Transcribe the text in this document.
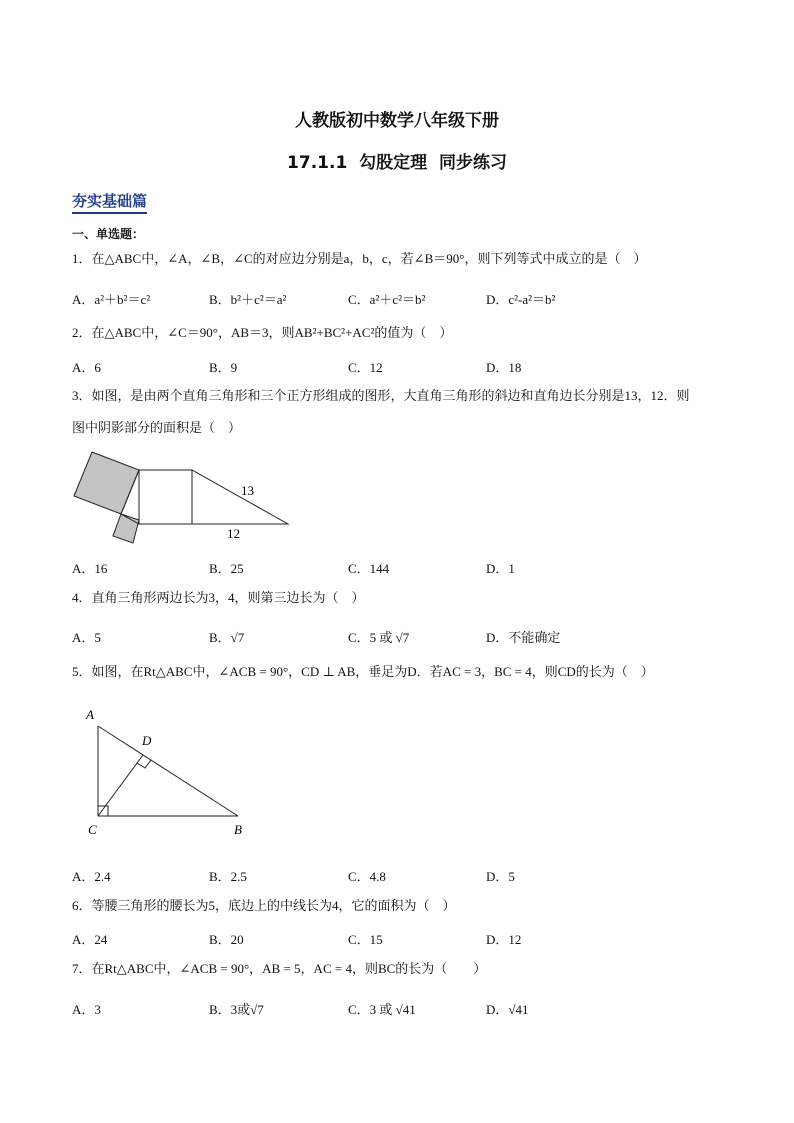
人教版初中数学八年级下册
17.1.1  勾股定理  同步练习
夯实基础篇
一、单选题：
1．在△ABC中，∠A，∠B，∠C的对应边分别是a，b，c，若∠B＝90°，则下列等式中成立的是（　）
A．a²＋b²＝c²	B．b²＋c²＝a²	C．a²＋c²＝b²	D．c²-a²＝b²
2．在△ABC中，∠C＝90°，AB＝3，则AB²+BC²+AC²的值为（　）
A．6	B．9	C．12	D．18
3．如图，是由两个直角三角形和三个正方形组成的图形，大直角三角形的斜边和直角边长分别是13，12．则
图中阴影部分的面积是（　）
13
12
A．16	B．25	C．144	D．1
4．直角三角形两边长为3，4，则第三边长为（　）
A．5	B．√7	C．5 或 √7	D．不能确定
5．如图，在Rt△ABC中，∠ACB = 90°，CD ⊥ AB，垂足为D．若AC = 3，BC = 4，则CD的长为（　）
A
D
C	B
A．2.4	B．2.5	C．4.8	D．5
6．等腰三角形的腰长为5，底边上的中线长为4，它的面积为（　）
A．24	B．20	C．15	D．12
7．在Rt△ABC中，∠ACB = 90°，AB = 5，AC = 4，则BC的长为（　　）
A．3	B．3或√7	C．3 或 √41	D．√41
